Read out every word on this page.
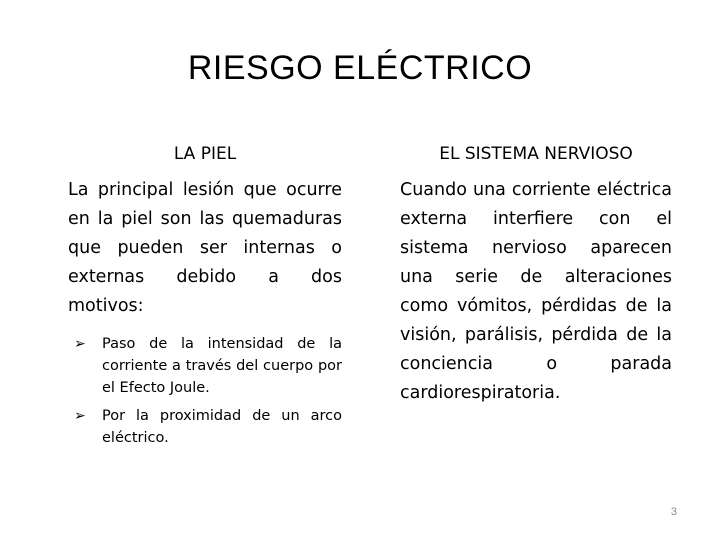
RIESGO ELÉCTRICO
LA PIEL

La principal lesión que ocurre en la piel son las quemaduras que pueden ser internas o externas debido a dos motivos:

➢ Paso de la intensidad de la corriente a través del cuerpo por el Efecto Joule.
➢ Por la proximidad de un arco eléctrico.
EL SISTEMA NERVIOSO

Cuando una corriente eléctrica externa interfiere con el sistema nervioso aparecen una serie de alteraciones como vómitos, pérdidas de la visión, parálisis, pérdida de la conciencia o parada cardiorespiratoria.

3
